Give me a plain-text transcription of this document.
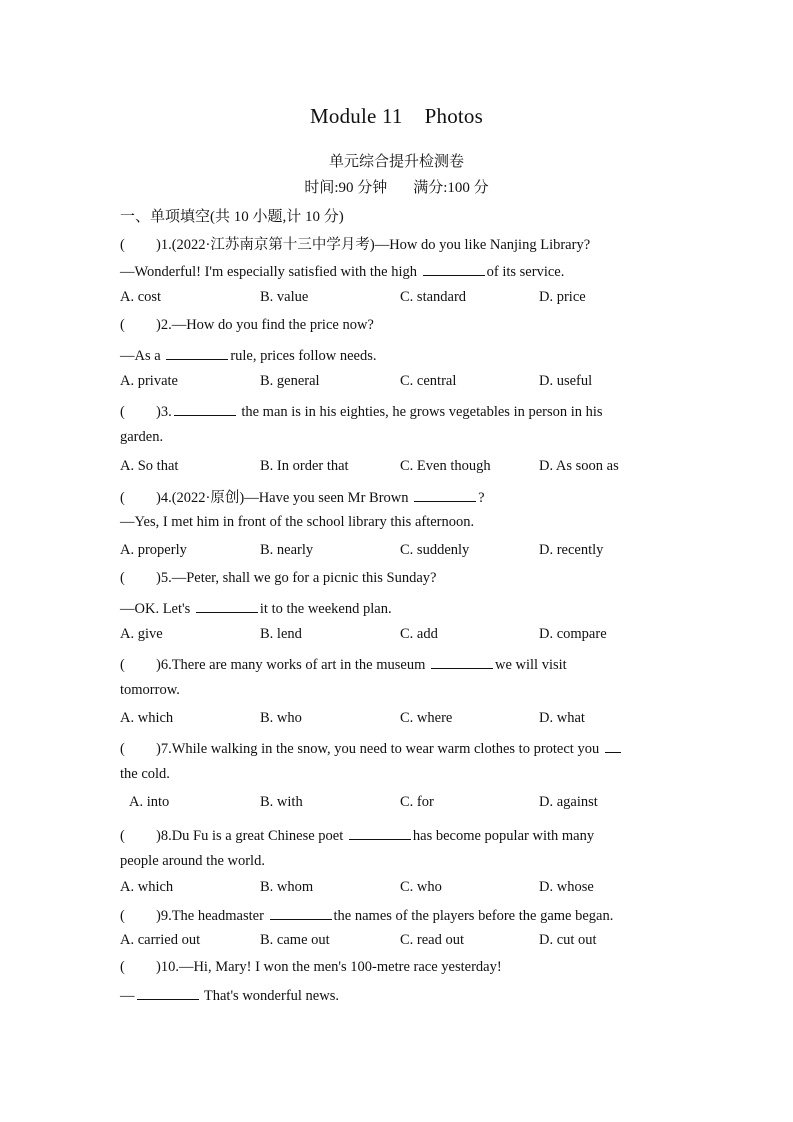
Module 11 Photos
单元综合提升检测卷
时间:90 分钟 满分:100 分
一、单项填空(共 10 小题,计 10 分)
( )1.(2022·江苏南京第十三中学月考)—How do you like Nanjing Library?
—Wonderful! I'm especially satisfied with the high	of its service.
A. cost	B. value	C. standard	D. price
( )2.—How do you find the price now?
—As a	rule, prices follow needs.
A. private	B. general	C. central	D. useful
( )3.	the man is in his eighties, he grows vegetables in person in his
garden.
A. So that	B. In order that	C. Even though	D. As soon as
( )4.(2022·原创)—Have you seen Mr Brown	?
—Yes, I met him in front of the school library this afternoon.
A. properly	B. nearly	C. suddenly	D. recently
( )5.—Peter, shall we go for a picnic this Sunday?
—OK. Let's	it to the weekend plan.
A. give	B. lend	C. add	D. compare
( )6.There are many works of art in the museum	we will visit
tomorrow.
A. which	B. who	C. where	D. what
( )7.While walking in the snow, you need to wear warm clothes to protect you
the cold.
A. into	B. with	C. for	D. against
( )8.Du Fu is a great Chinese poet	has become popular with many
people around the world.
A. which	B. whom	C. who	D. whose
( )9.The headmaster	the names of the players before the game began.
A. carried out	B. came out	C. read out	D. cut out
( )10.—Hi, Mary! I won the men's 100-metre race yesterday!
—	That's wonderful news.
